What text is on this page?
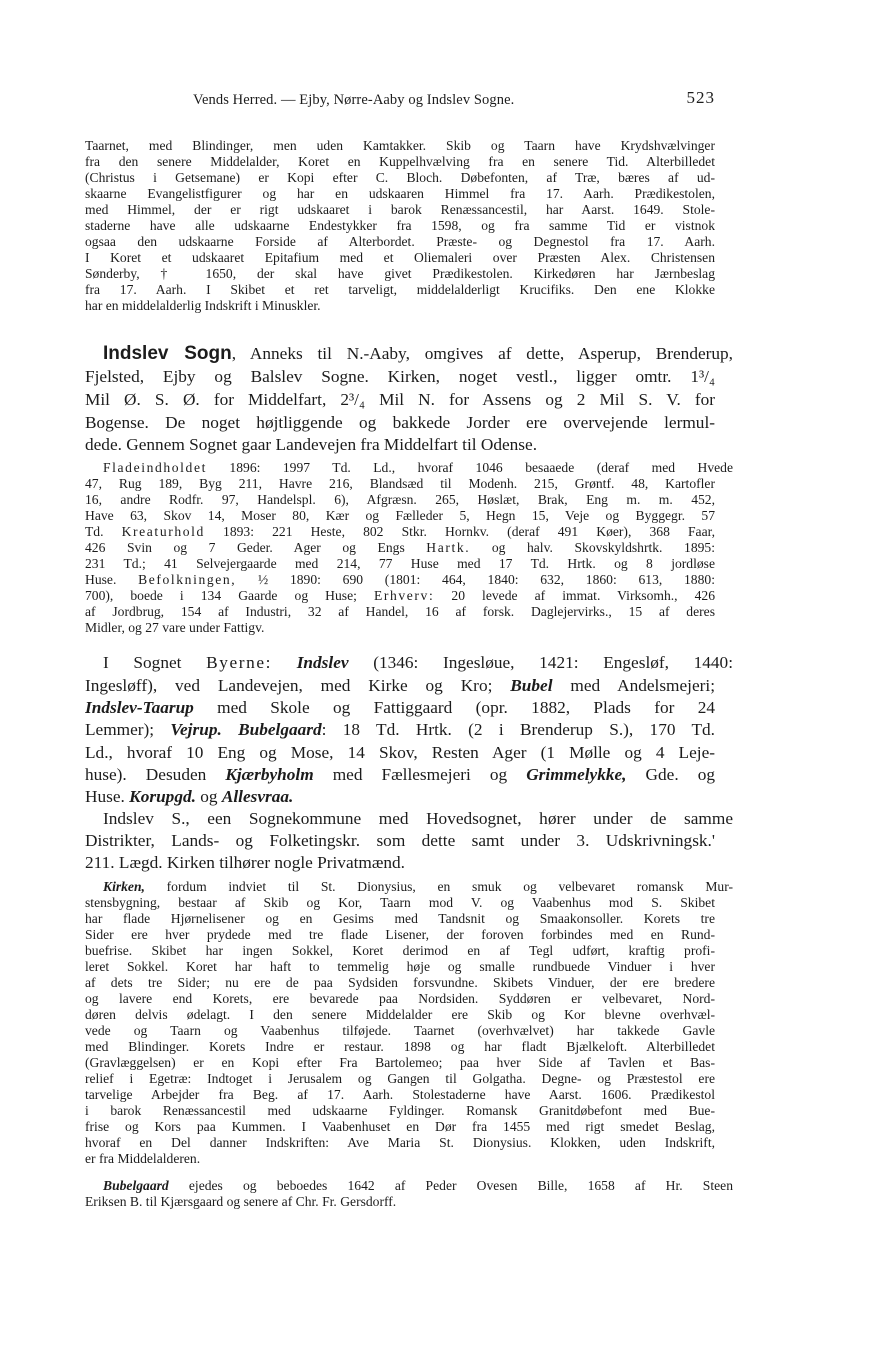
Vends Herred. — Ejby, Nørre-Aaby og Indslev Sogne.	523

Taarnet, med Blindinger, men uden Kamtakker. Skib og Taarn have Krydshvælvinger

fra den senere Middelalder, Koret en Kuppelhvælving fra en senere Tid. Alterbilledet

(Christus i Getsemane) er Kopi efter C. Bloch. Døbefonten, af Træ, bæres af ud-

skaarne Evangelistfigurer og har en udskaaren Himmel fra 17. Aarh. Prædikestolen,

med Himmel, der er rigt udskaaret i barok Renæssancestil, har Aarst. 1649. Stole-

staderne have alle udskaarne Endestykker fra 1598, og fra samme Tid er vistnok

ogsaa den udskaarne Forside af Alterbordet. Præste- og Degnestol fra 17. Aarh.

I Koret et udskaaret Epitafium med et Oliemaleri over Præsten Alex. Christensen

Sønderby, † 1650, der skal have givet Prædikestolen. Kirkedøren har Jærnbeslag

fra 17. Aarh. I Skibet et ret tarveligt, middelalderligt Krucifiks. Den ene Klokke

har en middelalderlig Indskrift i Minuskler.

Indslev Sogn, Anneks til N.-Aaby, omgives af dette, Asperup, Brenderup,

Fjelsted, Ejby og Balslev Sogne. Kirken, noget vestl., ligger omtr. 1³/₄

Mil Ø. S. Ø. for Middelfart, 2³/₄ Mil N. for Assens og 2 Mil S. V. for

Bogense. De noget højtliggende og bakkede Jorder ere overvejende lermul-

dede. Gennem Sognet gaar Landevejen fra Middelfart til Odense.

Fladeindholdet 1896: 1997 Td. Ld., hvoraf 1046 besaaede (deraf med Hvede

47, Rug 189, Byg 211, Havre 216, Blandsæd til Modenh. 215, Grøntf. 48, Kartofler

16, andre Rodfr. 97, Handelspl. 6), Afgræsn. 265, Høslæt, Brak, Eng m. m. 452,

Have 63, Skov 14, Moser 80, Kær og Fælleder 5, Hegn 15, Veje og Byggegr. 57

Td. Kreaturhold 1893: 221 Heste, 802 Stkr. Hornkv. (deraf 491 Køer), 368 Faar,

426 Svin og 7 Geder. Ager og Engs Hartk. og halv. Skovskyldshrtk. 1895:

231 Td.; 41 Selvejergaarde med 214, 77 Huse med 17 Td. Hrtk. og 8 jordløse

Huse. Befolkningen, ½ 1890: 690 (1801: 464, 1840: 632, 1860: 613, 1880:

700), boede i 134 Gaarde og Huse; Erhverv: 20 levede af immat. Virksomh., 426

af Jordbrug, 154 af Industri, 32 af Handel, 16 af forsk. Daglejervirks., 15 af deres

Midler, og 27 vare under Fattigv.

I Sognet Byerne: Indslev (1346: Ingesløue, 1421: Engesløf, 1440:

Ingesløff), ved Landevejen, med Kirke og Kro; Bubel med Andelsmejeri;

Indslev-Taarup med Skole og Fattiggaard (opr. 1882, Plads for 24

Lemmer); Vejrup. Bubelgaard: 18 Td. Hrtk. (2 i Brenderup S.), 170 Td.

Ld., hvoraf 10 Eng og Mose, 14 Skov, Resten Ager (1 Mølle og 4 Leje-

huse). Desuden Kjærbyholm med Fællesmejeri og Grimmelykke, Gde. og

Huse. Korupgd. og Allesvraa.

Indslev S., een Sognekommune med Hovedsognet, hører under de samme

Distrikter, Lands- og Folketingskr. som dette samt under 3. Udskrivningsk.'

211. Lægd. Kirken tilhører nogle Privatmænd.

Kirken, fordum indviet til St. Dionysius, en smuk og velbevaret romansk Mur-

stensbygning, bestaar af Skib og Kor, Taarn mod V. og Vaabenhus mod S. Skibet

har flade Hjørnelisener og en Gesims med Tandsnit og Smaakonsoller. Korets tre

Sider ere hver prydede med tre flade Lisener, der foroven forbindes med en Rund-

buefrise. Skibet har ingen Sokkel, Koret derimod en af Tegl udført, kraftig profi-

leret Sokkel. Koret har haft to temmelig høje og smalle rundbuede Vinduer i hver

af dets tre Sider; nu ere de paa Sydsiden forsvundne. Skibets Vinduer, der ere bredere

og lavere end Korets, ere bevarede paa Nordsiden. Syddøren er velbevaret, Nord-

døren delvis ødelagt. I den senere Middelalder ere Skib og Kor blevne overhvæl-

vede og Taarn og Vaabenhus tilføjede. Taarnet (overhvælvet) har takkede Gavle

med Blindinger. Korets Indre er restaur. 1898 og har fladt Bjælkeloft. Alterbilledet

(Gravlæggelsen) er en Kopi efter Fra Bartolemeo; paa hver Side af Tavlen et Bas-

relief i Egetræ: Indtoget i Jerusalem og Gangen til Golgatha. Degne- og Præstestol ere

tarvelige Arbejder fra Beg. af 17. Aarh. Stolestaderne have Aarst. 1606. Prædikestol

i barok Renæssancestil med udskaarne Fyldinger. Romansk Granitdøbefont med Bue-

frise og Kors paa Kummen. I Vaabenhuset en Dør fra 1455 med rigt smedet Beslag,

hvoraf en Del danner Indskriften: Ave Maria St. Dionysius. Klokken, uden Indskrift,

er fra Middelalderen.

Bubelgaard ejedes og beboedes 1642 af Peder Ovesen Bille, 1658 af Hr. Steen

Eriksen B. til Kjærsgaard og senere af Chr. Fr. Gersdorff.
